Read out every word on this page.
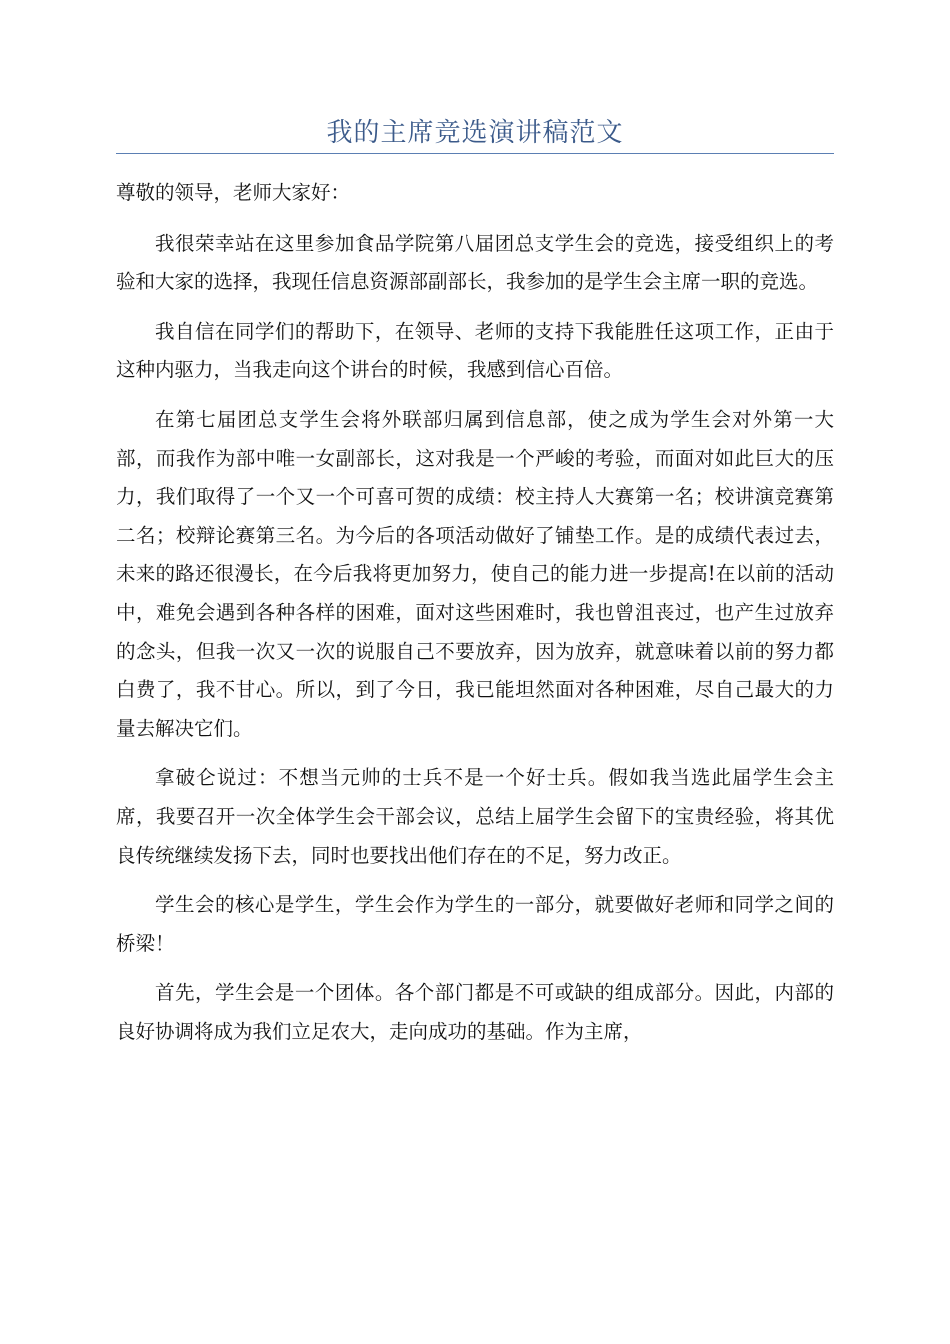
我的主席竞选演讲稿范文

尊敬的领导，老师大家好：

我很荣幸站在这里参加食品学院第八届团总支学生会的竞选，接受组织上的考验和大家的选择，我现任信息资源部副部长，我参加的是学生会主席一职的竞选。

我自信在同学们的帮助下，在领导、老师的支持下我能胜任这项工作，正由于这种内驱力，当我走向这个讲台的时候，我感到信心百倍。

在第七届团总支学生会将外联部归属到信息部，使之成为学生会对外第一大部，而我作为部中唯一女副部长，这对我是一个严峻的考验，而面对如此巨大的压力，我们取得了一个又一个可喜可贺的成绩：校主持人大赛第一名；校讲演竞赛第二名；校辩论赛第三名。为今后的各项活动做好了铺垫工作。是的成绩代表过去，未来的路还很漫长，在今后我将更加努力，使自己的能力进一步提高!在以前的活动中，难免会遇到各种各样的困难，面对这些困难时，我也曾沮丧过，也产生过放弃的念头，但我一次又一次的说服自己不要放弃，因为放弃，就意味着以前的努力都白费了，我不甘心。所以，到了今日，我已能坦然面对各种困难，尽自己最大的力量去解决它们。

拿破仑说过：不想当元帅的士兵不是一个好士兵。假如我当选此届学生会主席，我要召开一次全体学生会干部会议，总结上届学生会留下的宝贵经验，将其优良传统继续发扬下去，同时也要找出他们存在的不足，努力改正。

学生会的核心是学生，学生会作为学生的一部分，就要做好老师和同学之间的桥梁！

首先，学生会是一个团体。各个部门都是不可或缺的组成部分。因此，内部的良好协调将成为我们立足农大，走向成功的基础。作为主席，
